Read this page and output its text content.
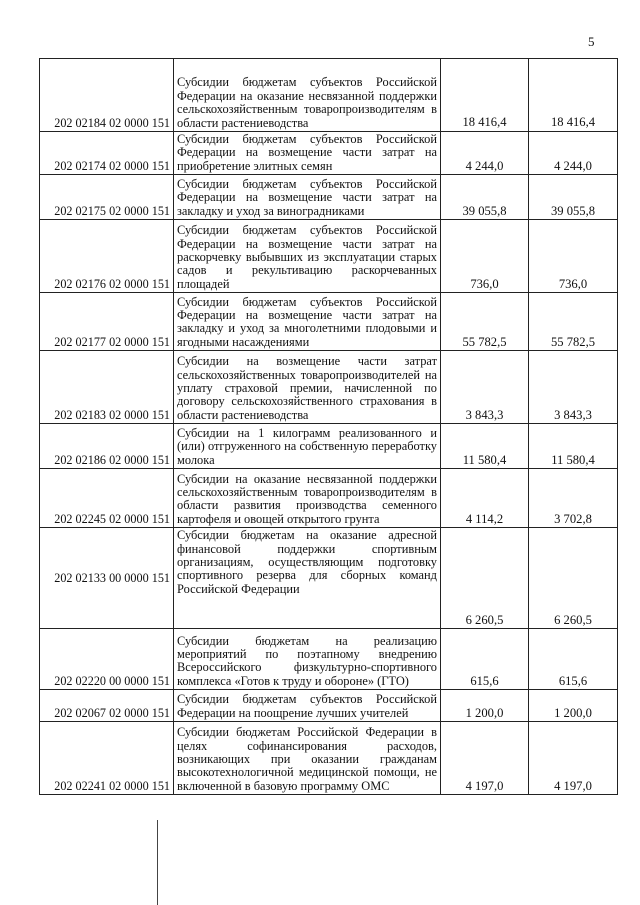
5
202 02184 02 0000 151	Субсидии бюджетам субъектов Российской Федерации на оказание несвязанной поддержки сельскохозяйственным товаропроизводителям в области растениеводства	18 416,4	18 416,4
202 02174 02 0000 151	Субсидии бюджетам субъектов Российской Федерации на возмещение части затрат на приобретение элитных семян	4 244,0	4 244,0
202 02175 02 0000 151	Субсидии бюджетам субъектов Российской Федерации на возмещение части затрат на закладку и уход за виноградниками	39 055,8	39 055,8
202 02176 02 0000 151	Субсидии бюджетам субъектов Российской Федерации на возмещение части затрат на раскорчевку выбывших из эксплуатации старых садов и рекультивацию раскорчеванных площадей	736,0	736,0
202 02177 02 0000 151	Субсидии бюджетам субъектов Российской Федерации на возмещение части затрат на закладку и уход за многолетними плодовыми и ягодными насаждениями	55 782,5	55 782,5
202 02183 02 0000 151	Субсидии на возмещение части затрат сельскохозяйственных товаропроизводителей на уплату страховой премии, начисленной по договору сельскохозяйственного страхования в области растениеводства	3 843,3	3 843,3
202 02186 02 0000 151	Субсидии на 1 килограмм реализованного и (или) отгруженного на собственную переработку молока	11 580,4	11 580,4
202 02245 02 0000 151	Субсидии на оказание несвязанной поддержки сельскохозяйственным товаропроизводителям в области развития производства семенного картофеля и овощей открытого грунта	4 114,2	3 702,8
202 02133 00 0000 151	Субсидии бюджетам на оказание адресной финансовой поддержки спортивным организациям, осуществляющим подготовку спортивного резерва для сборных команд Российской Федерации	6 260,5	6 260,5
202 02220 00 0000 151	Субсидии бюджетам на реализацию мероприятий по поэтапному внедрению Всероссийского физкультурно-спортивного комплекса «Готов к труду и обороне» (ГТО)	615,6	615,6
202 02067 02 0000 151	Субсидии бюджетам субъектов Российской Федерации на поощрение лучших учителей	1 200,0	1 200,0
202 02241 02 0000 151	Субсидии бюджетам Российской Федерации в целях софинансирования расходов, возникающих при оказании гражданам высокотехнологичной медицинской помощи, не включенной в базовую программу ОМС	4 197,0	4 197,0
